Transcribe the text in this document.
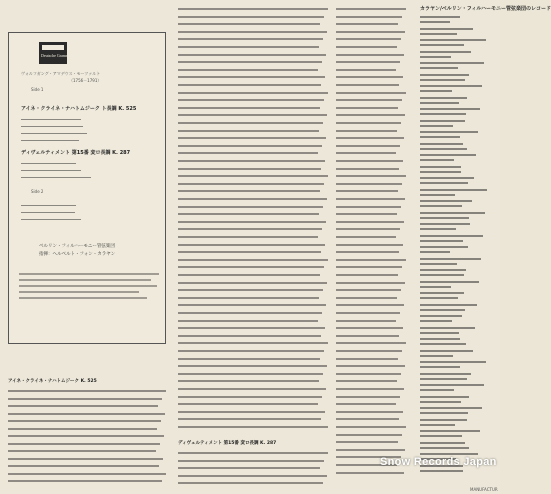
Deutsche Grammophon
ヴォルフガング・アマデウス・モーツァルト
（1756－1791）
Side 1
アイネ・クライネ・ナハトムジーク ト長調 K. 525
ディヴェルティメント 第15番 変ロ長調 K. 287
Side 2
ベルリン・フィルハーモニー管弦楽団
指揮：ヘルベルト・フォン・カラヤン
アイネ・クライネ・ナハトムジーク K. 525
ディヴェルティメント 第15番 変ロ長調 K. 287
カラヤン/ベルリン・フィルハーモニー管弦楽団のレコード
MANUFACTUR
Snow Records Japan
